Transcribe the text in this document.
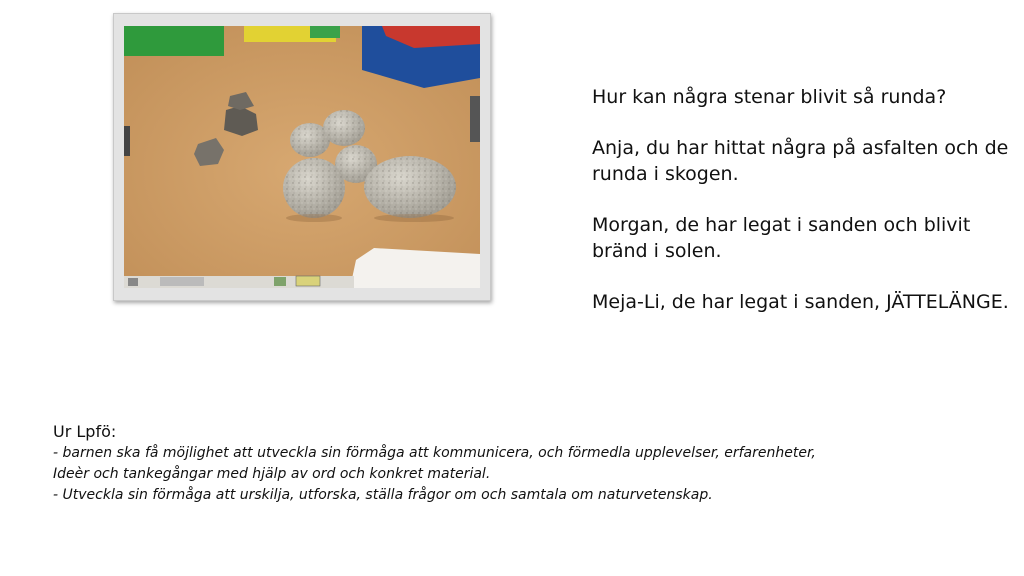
Hur kan några stenar blivit så runda?

Anja, du har hittat några på asfalten och de runda i skogen.

Morgan, de har legat i sanden och blivit bränd i solen.

Meja-Li, de har legat i sanden, JÄTTELÄNGE.

Ur Lpfö:

- barnen ska få möjlighet att utveckla sin förmåga att kommunicera, och förmedla upplevelser, erfarenheter,

Ideèr och tankegångar med hjälp av ord och konkret material.

- Utveckla sin förmåga att urskilja, utforska, ställa frågor om och samtala om naturvetenskap.
